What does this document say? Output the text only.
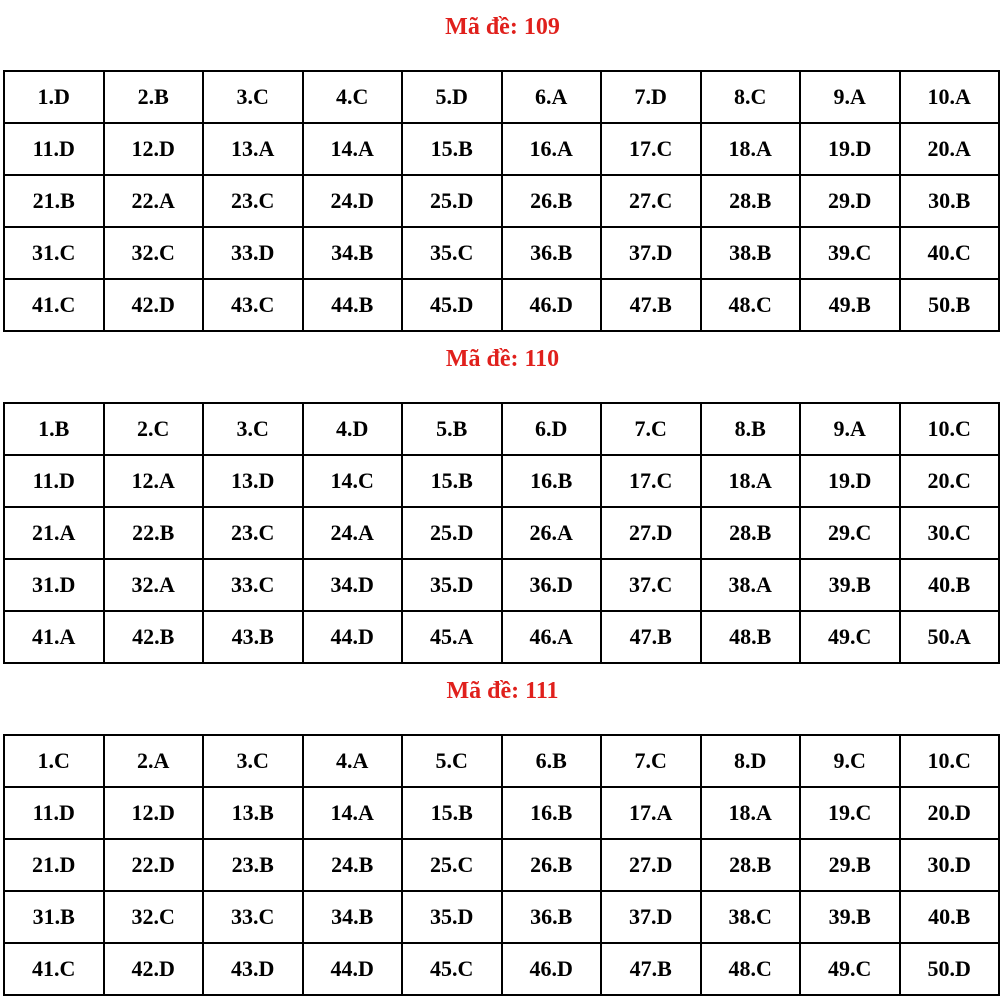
Mã đề: 109
1.D	2.B	3.C	4.C	5.D	6.A	7.D	8.C	9.A	10.A
11.D	12.D	13.A	14.A	15.B	16.A	17.C	18.A	19.D	20.A
21.B	22.A	23.C	24.D	25.D	26.B	27.C	28.B	29.D	30.B
31.C	32.C	33.D	34.B	35.C	36.B	37.D	38.B	39.C	40.C
41.C	42.D	43.C	44.B	45.D	46.D	47.B	48.C	49.B	50.B
Mã đề: 110
1.B	2.C	3.C	4.D	5.B	6.D	7.C	8.B	9.A	10.C
11.D	12.A	13.D	14.C	15.B	16.B	17.C	18.A	19.D	20.C
21.A	22.B	23.C	24.A	25.D	26.A	27.D	28.B	29.C	30.C
31.D	32.A	33.C	34.D	35.D	36.D	37.C	38.A	39.B	40.B
41.A	42.B	43.B	44.D	45.A	46.A	47.B	48.B	49.C	50.A
Mã đề: 111
1.C	2.A	3.C	4.A	5.C	6.B	7.C	8.D	9.C	10.C
11.D	12.D	13.B	14.A	15.B	16.B	17.A	18.A	19.C	20.D
21.D	22.D	23.B	24.B	25.C	26.B	27.D	28.B	29.B	30.D
31.B	32.C	33.C	34.B	35.D	36.B	37.D	38.C	39.B	40.B
41.C	42.D	43.D	44.D	45.C	46.D	47.B	48.C	49.C	50.D
